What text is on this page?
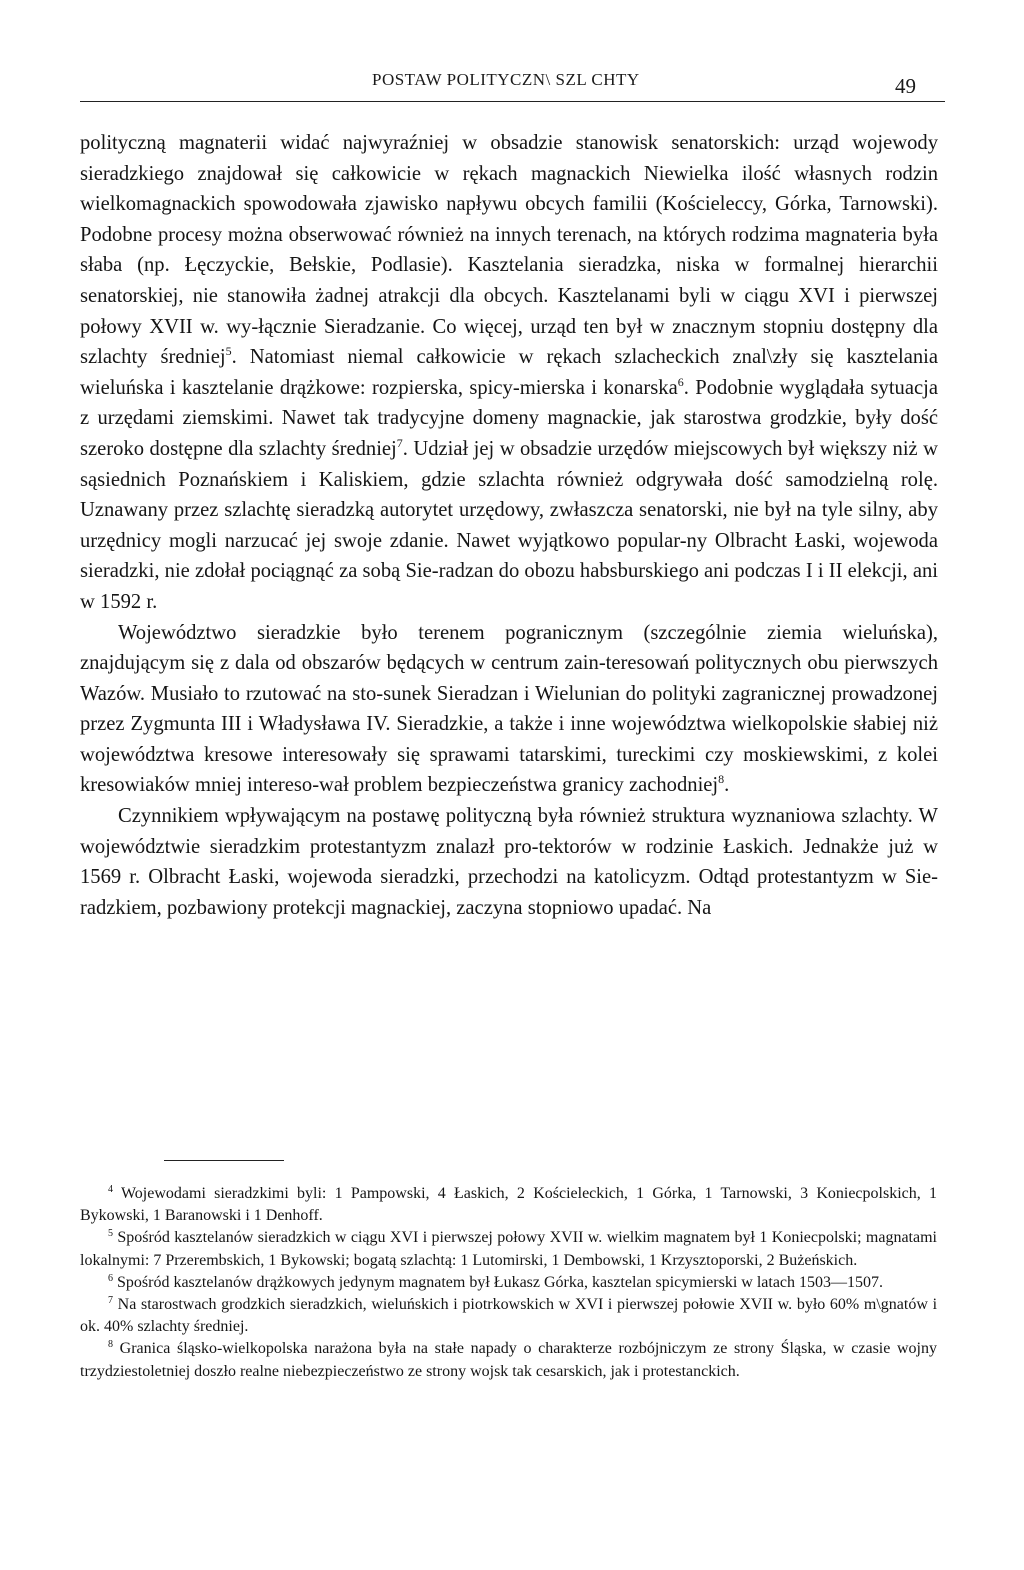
POSTAW POLITYCZN\ SZL CHTY	49

polityczną magnaterii widać najwyraźniej w obsadzie stanowisk senatorskich: urząd wojewody sieradzkiego znajdował się całkowicie w rękach magnackich Niewielka ilość własnych rodzin wielkomagnackich spowodowała zjawisko napływu obcych familii (Kościeleccy, Górka, Tarnowski). Podobne procesy można obserwować również na innych terenach, na których rodzima magnateria była słaba (np. Łęczyckie, Bełskie, Podlasie). Kasztelania sieradzka, niska w formalnej hierarchii senatorskiej, nie stanowiła żadnej atrakcji dla obcych. Kasztelanami byli w ciągu XVI i pierwszej połowy XVII w. wy-łącznie Sieradzanie. Co więcej, urząd ten był w znacznym stopniu dostępny dla szlachty średniej$^5$. Natomiast niemal całkowicie w rękach szlacheckich znal\zły się kasztelania wieluńska i kasztelanie drążkowe: rozpierska, spicy-mierska i konarska$^6$. Podobnie wyglądała sytuacja z urzędami ziemskimi. Nawet tak tradycyjne domeny magnackie, jak starostwa grodzkie, były dość szeroko dostępne dla szlachty średniej$^7$. Udział jej w obsadzie urzędów miejscowych był większy niż w sąsiednich Poznańskiem i Kaliskiem, gdzie szlachta również odgrywała dość samodzielną rolę. Uznawany przez szlachtę sieradzką autorytet urzędowy, zwłaszcza senatorski, nie był na tyle silny, aby urzędnicy mogli narzucać jej swoje zdanie. Nawet wyjątkowo popular-ny Olbracht Łaski, wojewoda sieradzki, nie zdołał pociągnąć za sobą Sie-radzan do obozu habsburskiego ani podczas I i II elekcji, ani w 1592 r.

Województwo sieradzkie było terenem pogranicznym (szczególnie ziemia wieluńska), znajdującym się z dala od obszarów będących w centrum zain-teresowań politycznych obu pierwszych Wazów. Musiało to rzutować na sto-sunek Sieradzan i Wielunian do polityki zagranicznej prowadzonej przez Zygmunta III i Władysława IV. Sieradzkie, a także i inne województwa wielkopolskie słabiej niż województwa kresowe interesowały się sprawami tatarskimi, tureckimi czy moskiewskimi, z kolei kresowiaków mniej intereso-wał problem bezpieczeństwa granicy zachodniej$^8$.

Czynnikiem wpływającym na postawę polityczną była również struktura wyznaniowa szlachty. W województwie sieradzkim protestantyzm znalazł pro-tektorów w rodzinie Łaskich. Jednakże już w 1569 r. Olbracht Łaski, wojewoda sieradzki, przechodzi na katolicyzm. Odtąd protestantyzm w Sie-radzkiem, pozbawiony protekcji magnackiej, zaczyna stopniowo upadać. Na

$^4$ Wojewodami sieradzkimi byli: 1 Pampowski, 4 Łaskich, 2 Kościeleckich, 1 Górka, 1 Tarnowski, 3 Koniecpolskich, 1 Bykowski, 1 Baranowski i 1 Denhoff.

$^5$ Spośród kasztelanów sieradzkich w ciągu XVI i pierwszej połowy XVII w. wielkim magnatem był 1 Koniecpolski; magnatami lokalnymi: 7 Przerembskich, 1 Bykowski; bogatą szlachtą: 1 Lutomirski, 1 Dembowski, 1 Krzysztoporski, 2 Bużeńskich.

$^6$ Spośród kasztelanów drążkowych jedynym magnatem był Łukasz Górka, kasztelan spicymierski w latach 1503—1507.

$^7$ Na starostwach grodzkich sieradzkich, wieluńskich i piotrkowskich w XVI i pierwszej połowie XVII w. było 60% m\gnatów i ok. 40% szlachty średniej.

$^8$ Granica śląsko-wielkopolska narażona była na stałe napady o charakterze rozbójniczym ze strony Śląska, w czasie wojny trzydziestoletniej doszło realne niebezpieczeństwo ze strony wojsk tak cesarskich, jak i protestanckich.
